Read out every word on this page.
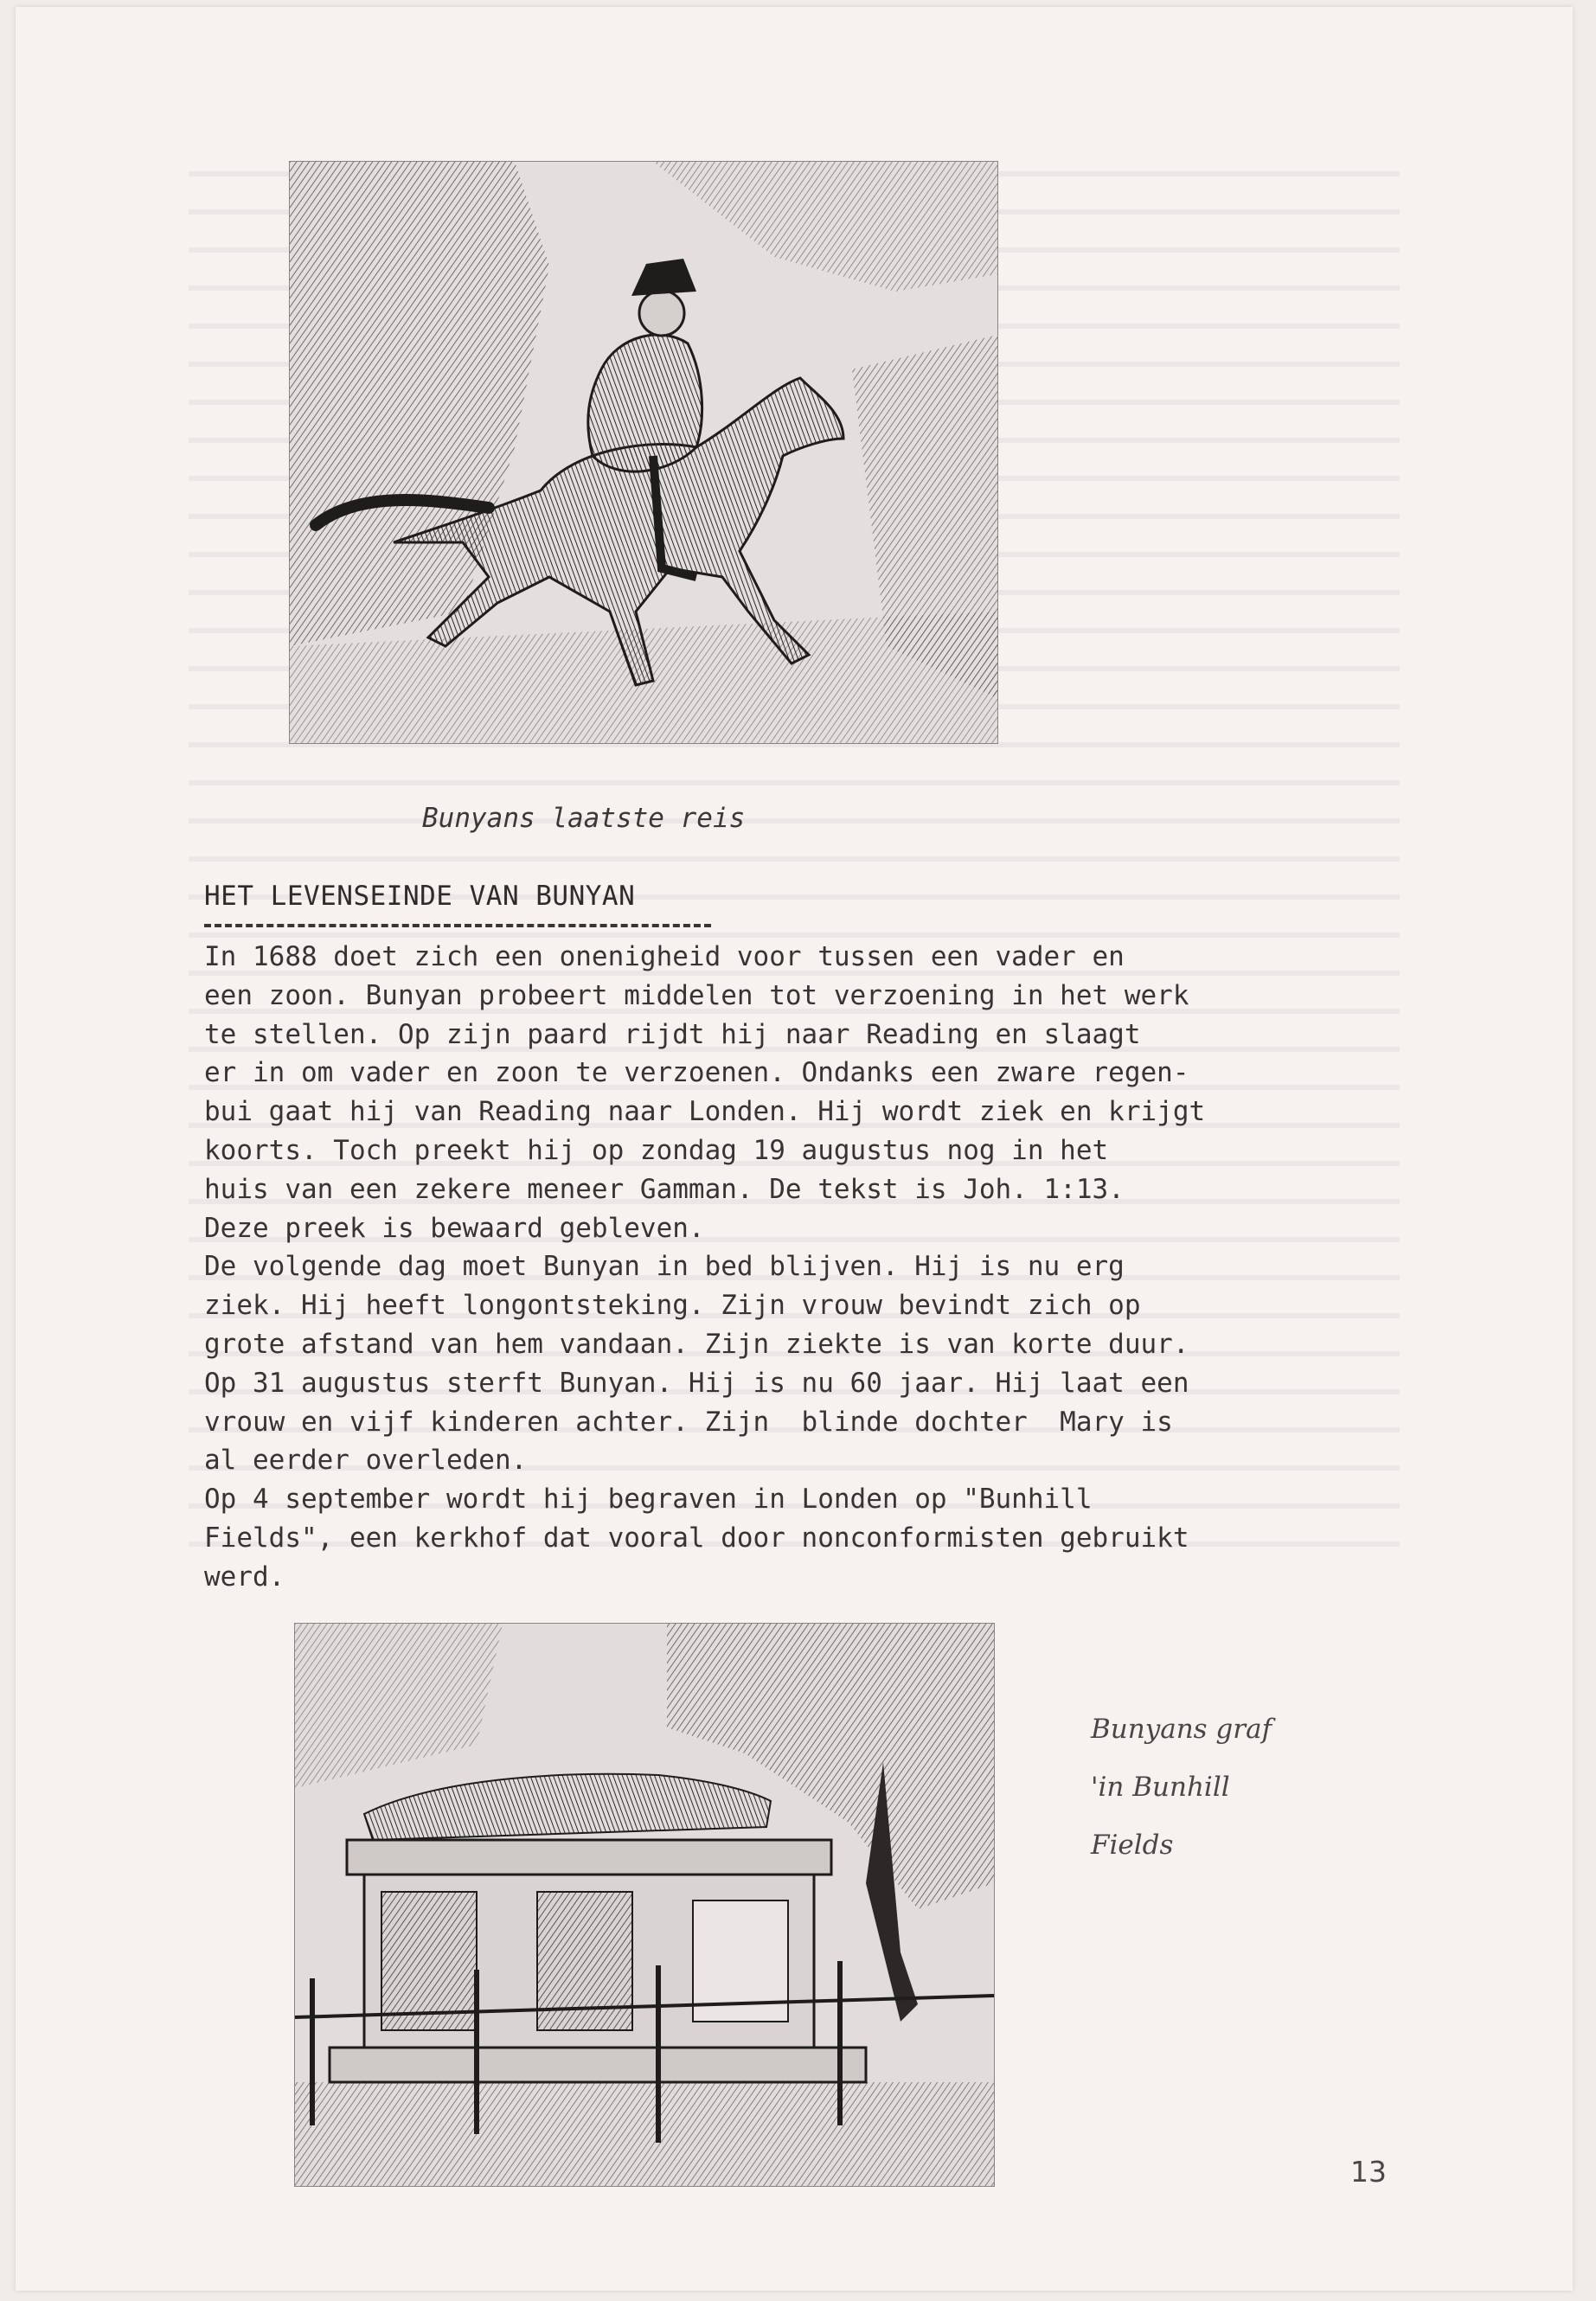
Bunyans laatste reis
HET LEVENSEINDE VAN BUNYAN
In 1688 doet zich een onenigheid voor tussen een vader en
een zoon. Bunyan probeert middelen tot verzoening in het werk
te stellen. Op zijn paard rijdt hij naar Reading en slaagt
er in om vader en zoon te verzoenen. Ondanks een zware regen-
bui gaat hij van Reading naar Londen. Hij wordt ziek en krijgt
koorts. Toch preekt hij op zondag 19 augustus nog in het
huis van een zekere meneer Gamman. De tekst is Joh. 1:13.
Deze preek is bewaard gebleven.
De volgende dag moet Bunyan in bed blijven. Hij is nu erg
ziek. Hij heeft longontsteking. Zijn vrouw bevindt zich op
grote afstand van hem vandaan. Zijn ziekte is van korte duur.
Op 31 augustus sterft Bunyan. Hij is nu 60 jaar. Hij laat een
vrouw en vijf kinderen achter. Zijn  blinde dochter  Mary is
al eerder overleden.
Op 4 september wordt hij begraven in Londen op "Bunhill
Fields", een kerkhof dat vooral door nonconformisten gebruikt
werd.
Bunyans graf
'in Bunhill
Fields
13
